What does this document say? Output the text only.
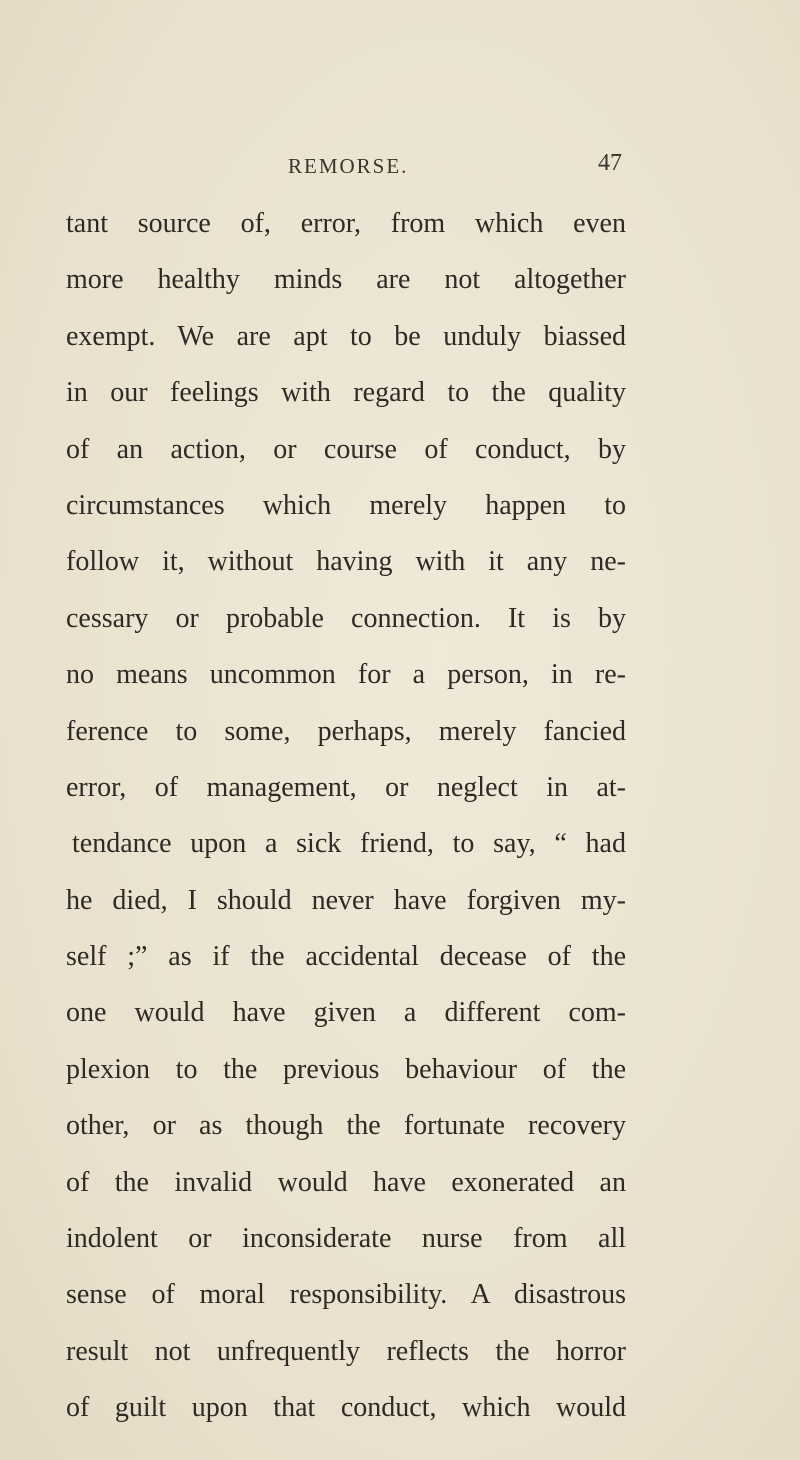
REMORSE.	47
tant source of, error, from which even
more healthy minds are not altogether
exempt. We are apt to be unduly biassed
in our feelings with regard to the quality
of an action, or course of conduct, by
circumstances which merely happen to
follow it, without having with it any ne-
cessary or probable connection. It is by
no means uncommon for a person, in re-
ference to some, perhaps, merely fancied
error, of management, or neglect in at-
tendance upon a sick friend, to say, “ had
he died, I should never have forgiven my-
self ;” as if the accidental decease of the
one would have given a different com-
plexion to the previous behaviour of the
other, or as though the fortunate recovery
of the invalid would have exonerated an
indolent or inconsiderate nurse from all
sense of moral responsibility. A disastrous
result not unfrequently reflects the horror
of guilt upon that conduct, which would
